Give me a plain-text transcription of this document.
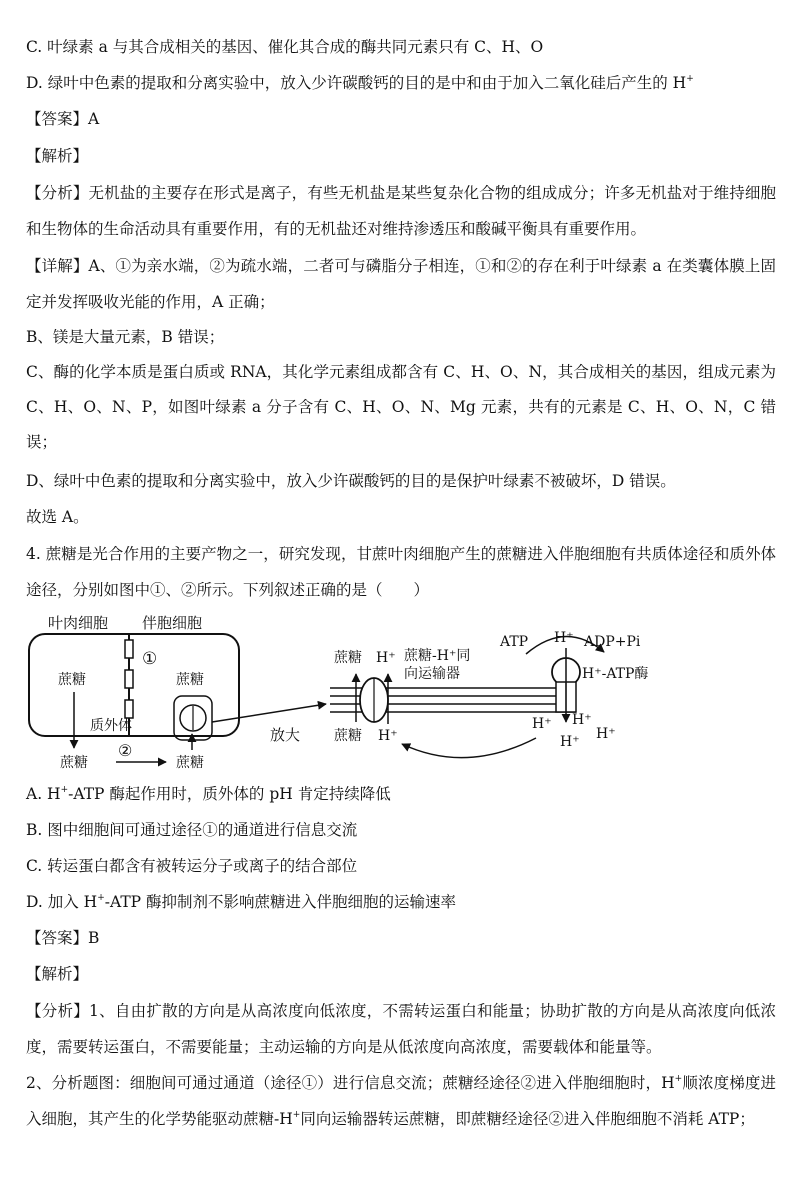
C. 叶绿素 a 与其合成相关的基因、催化其合成的酶共同元素只有 C、H、O
D. 绿叶中色素的提取和分离实验中，放入少许碳酸钙的目的是中和由于加入二氧化硅后产生的 H+
【答案】A
【解析】
【分析】无机盐的主要存在形式是离子，有些无机盐是某些复杂化合物的组成成分；许多无机盐对于维持细胞和生物体的生命活动具有重要作用，有的无机盐还对维持渗透压和酸碱平衡具有重要作用。
【详解】A、①为亲水端，②为疏水端，二者可与磷脂分子相连，①和②的存在利于叶绿素 a 在类囊体膜上固定并发挥吸收光能的作用，A 正确；
B、镁是大量元素，B 错误；
C、酶的化学本质是蛋白质或 RNA，其化学元素组成都含有 C、H、O、N，其合成相关的基因，组成元素为 C、H、O、N、P，如图叶绿素 a 分子含有 C、H、O、N、Mg 元素，共有的元素是 C、H、O、N，C 错误；
D、绿叶中色素的提取和分离实验中，放入少许碳酸钙的目的是保护叶绿素不被破坏，D 错误。
故选 A。
4. 蔗糖是光合作用的主要产物之一，研究发现，甘蔗叶肉细胞产生的蔗糖进入伴胞细胞有共质体途径和质外体途径，分别如图中①、②所示。下列叙述正确的是（　　）
叶肉细胞 伴胞细胞
①
蔗糖	蔗糖
质外体
蔗糖	蔗糖
②
放大
蔗糖 H⁺ 蔗糖-H⁺同
向运输器
蔗糖 H⁺
ATP H⁺ ADP+Pi
H⁺-ATP酶
H⁺ H⁺
H⁺ H⁺
A. H+-ATP 酶起作用时，质外体的 pH 肯定持续降低
B. 图中细胞间可通过途径①的通道进行信息交流
C. 转运蛋白都含有被转运分子或离子的结合部位
D. 加入 H+-ATP 酶抑制剂不影响蔗糖进入伴胞细胞的运输速率
【答案】B
【解析】
【分析】1、自由扩散的方向是从高浓度向低浓度，不需转运蛋白和能量；协助扩散的方向是从高浓度向低浓度，需要转运蛋白，不需要能量；主动运输的方向是从低浓度向高浓度，需要载体和能量等。
2、分析题图：细胞间可通过通道（途径①）进行信息交流；蔗糖经途径②进入伴胞细胞时，H+顺浓度梯度进入细胞，其产生的化学势能驱动蔗糖-H+同向运输器转运蔗糖，即蔗糖经途径②进入伴胞细胞不消耗 ATP；
